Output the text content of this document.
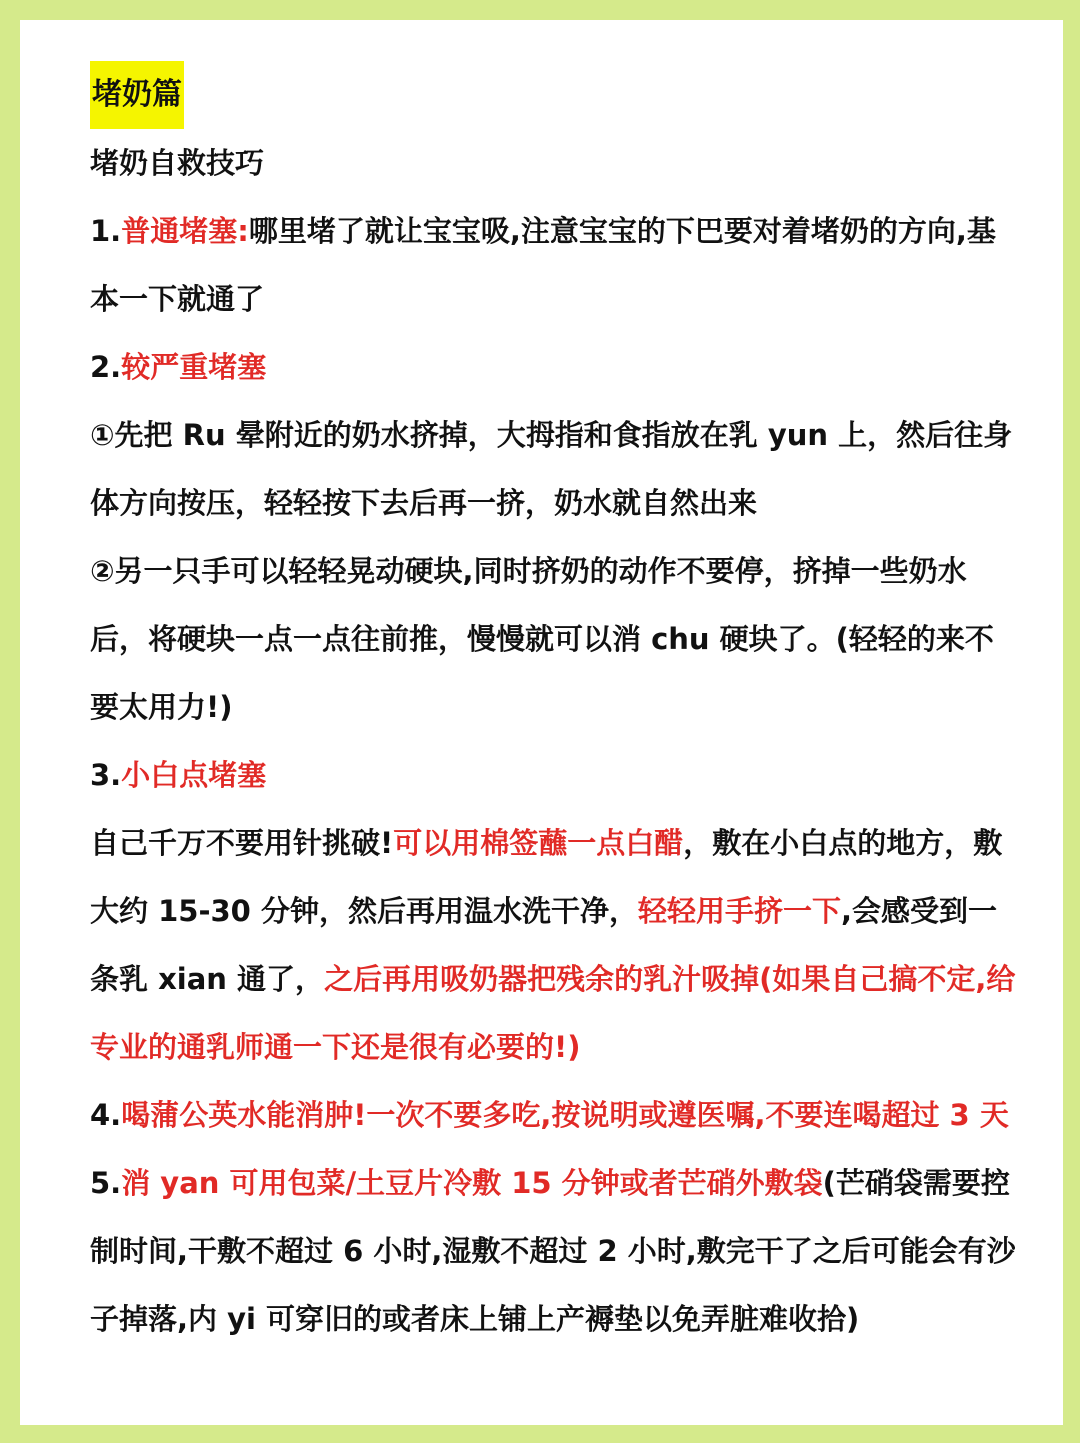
堵奶篇

堵奶自救技巧

1.普通堵塞:哪里堵了就让宝宝吸,注意宝宝的下巴要对着堵奶的方向,基本一下就通了

2.较严重堵塞

①先把 Ru 晕附近的奶水挤掉，大拇指和食指放在乳 yun 上，然后往身体方向按压，轻轻按下去后再一挤，奶水就自然出来

②另一只手可以轻轻晃动硬块,同时挤奶的动作不要停，挤掉一些奶水后，将硬块一点一点往前推，慢慢就可以消 chu 硬块了。(轻轻的来不要太用力!)

3.小白点堵塞

自己千万不要用针挑破!可以用棉签蘸一点白醋，敷在小白点的地方，敷大约 15-30 分钟，然后再用温水洗干净，轻轻用手挤一下,会感受到一条乳 xian 通了，之后再用吸奶器把残余的乳汁吸掉(如果自己搞不定,给专业的通乳师通一下还是很有必要的!)

4.喝蒲公英水能消肿!一次不要多吃,按说明或遵医嘱,不要连喝超过 3 天

5.消 yan 可用包菜/土豆片冷敷 15 分钟或者芒硝外敷袋(芒硝袋需要控制时间,干敷不超过 6 小时,湿敷不超过 2 小时,敷完干了之后可能会有沙子掉落,内 yi 可穿旧的或者床上铺上产褥垫以免弄脏难收拾)
